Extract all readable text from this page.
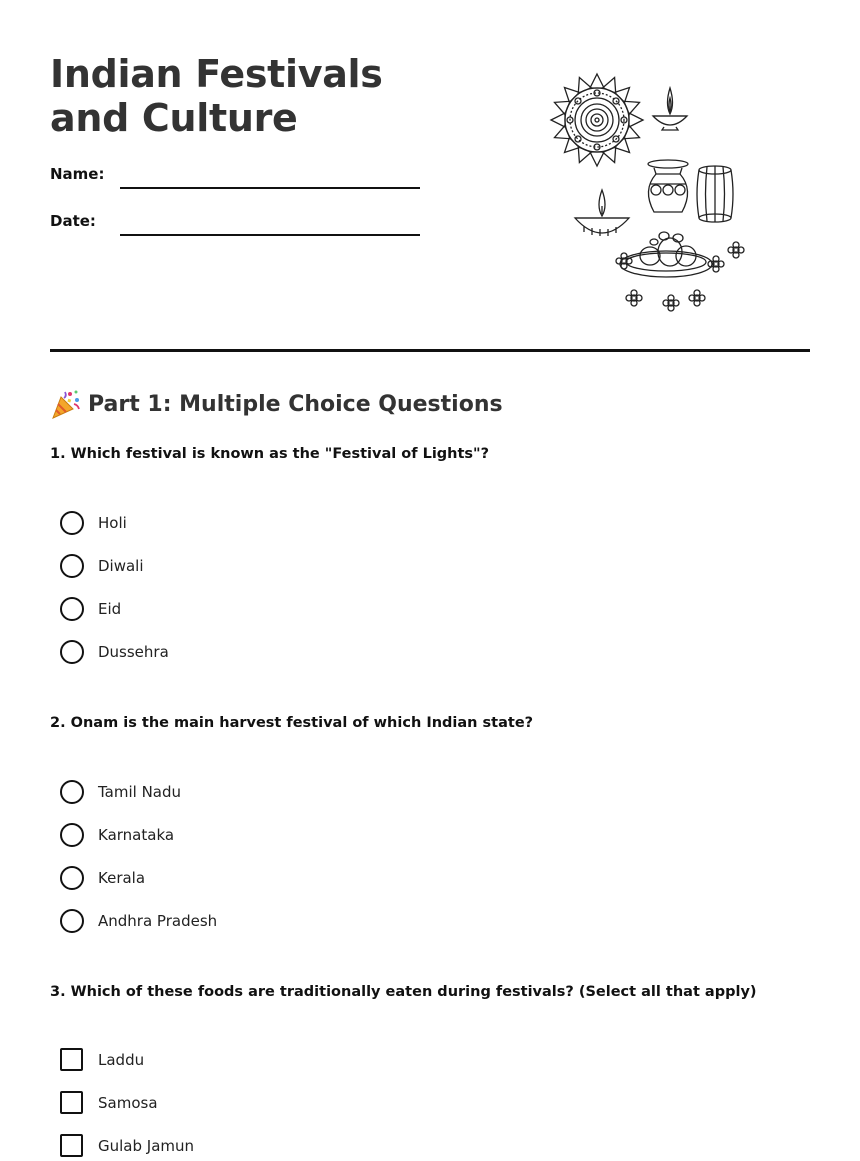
Indian Festivals and Culture
Name:
Date:
Part 1: Multiple Choice Questions
1. Which festival is known as the "Festival of Lights"?
Holi
Diwali
Eid
Dussehra
2. Onam is the main harvest festival of which Indian state?
Tamil Nadu
Karnataka
Kerala
Andhra Pradesh
3. Which of these foods are traditionally eaten during festivals? (Select all that apply)
Laddu
Samosa
Gulab Jamun
